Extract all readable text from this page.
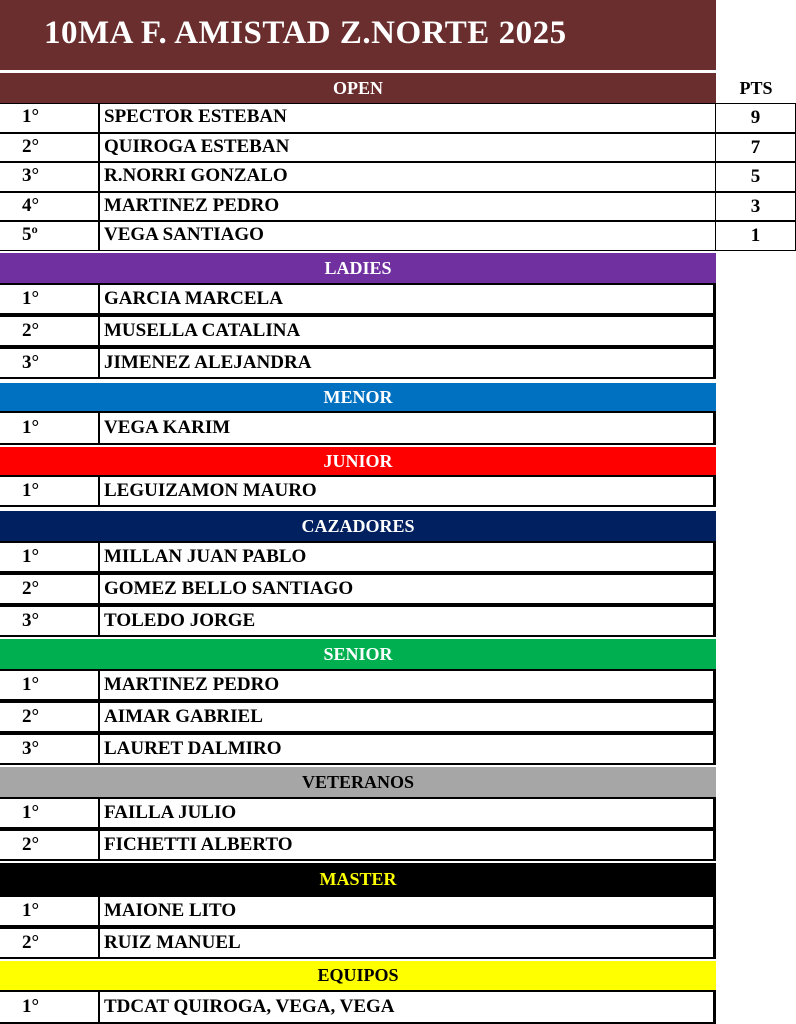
10MA F. AMISTAD Z.NORTE 2025
PTS
OPEN
1°	SPECTOR ESTEBAN	9
2°	QUIROGA ESTEBAN	7
3°	R.NORRI GONZALO	5
4°	MARTINEZ PEDRO	3
5º	VEGA SANTIAGO	1
LADIES
1°	GARCIA MARCELA
2°	MUSELLA CATALINA
3°	JIMENEZ ALEJANDRA
MENOR
1°	VEGA KARIM
JUNIOR
1°	LEGUIZAMON MAURO
CAZADORES
1°	MILLAN JUAN PABLO
2°	GOMEZ BELLO SANTIAGO
3°	TOLEDO JORGE
SENIOR
1°	MARTINEZ PEDRO
2°	AIMAR GABRIEL
3°	LAURET DALMIRO
VETERANOS
1°	FAILLA JULIO
2°	FICHETTI ALBERTO
MASTER
1°	MAIONE LITO
2°	RUIZ MANUEL
EQUIPOS
1°	TDCAT QUIROGA, VEGA, VEGA
